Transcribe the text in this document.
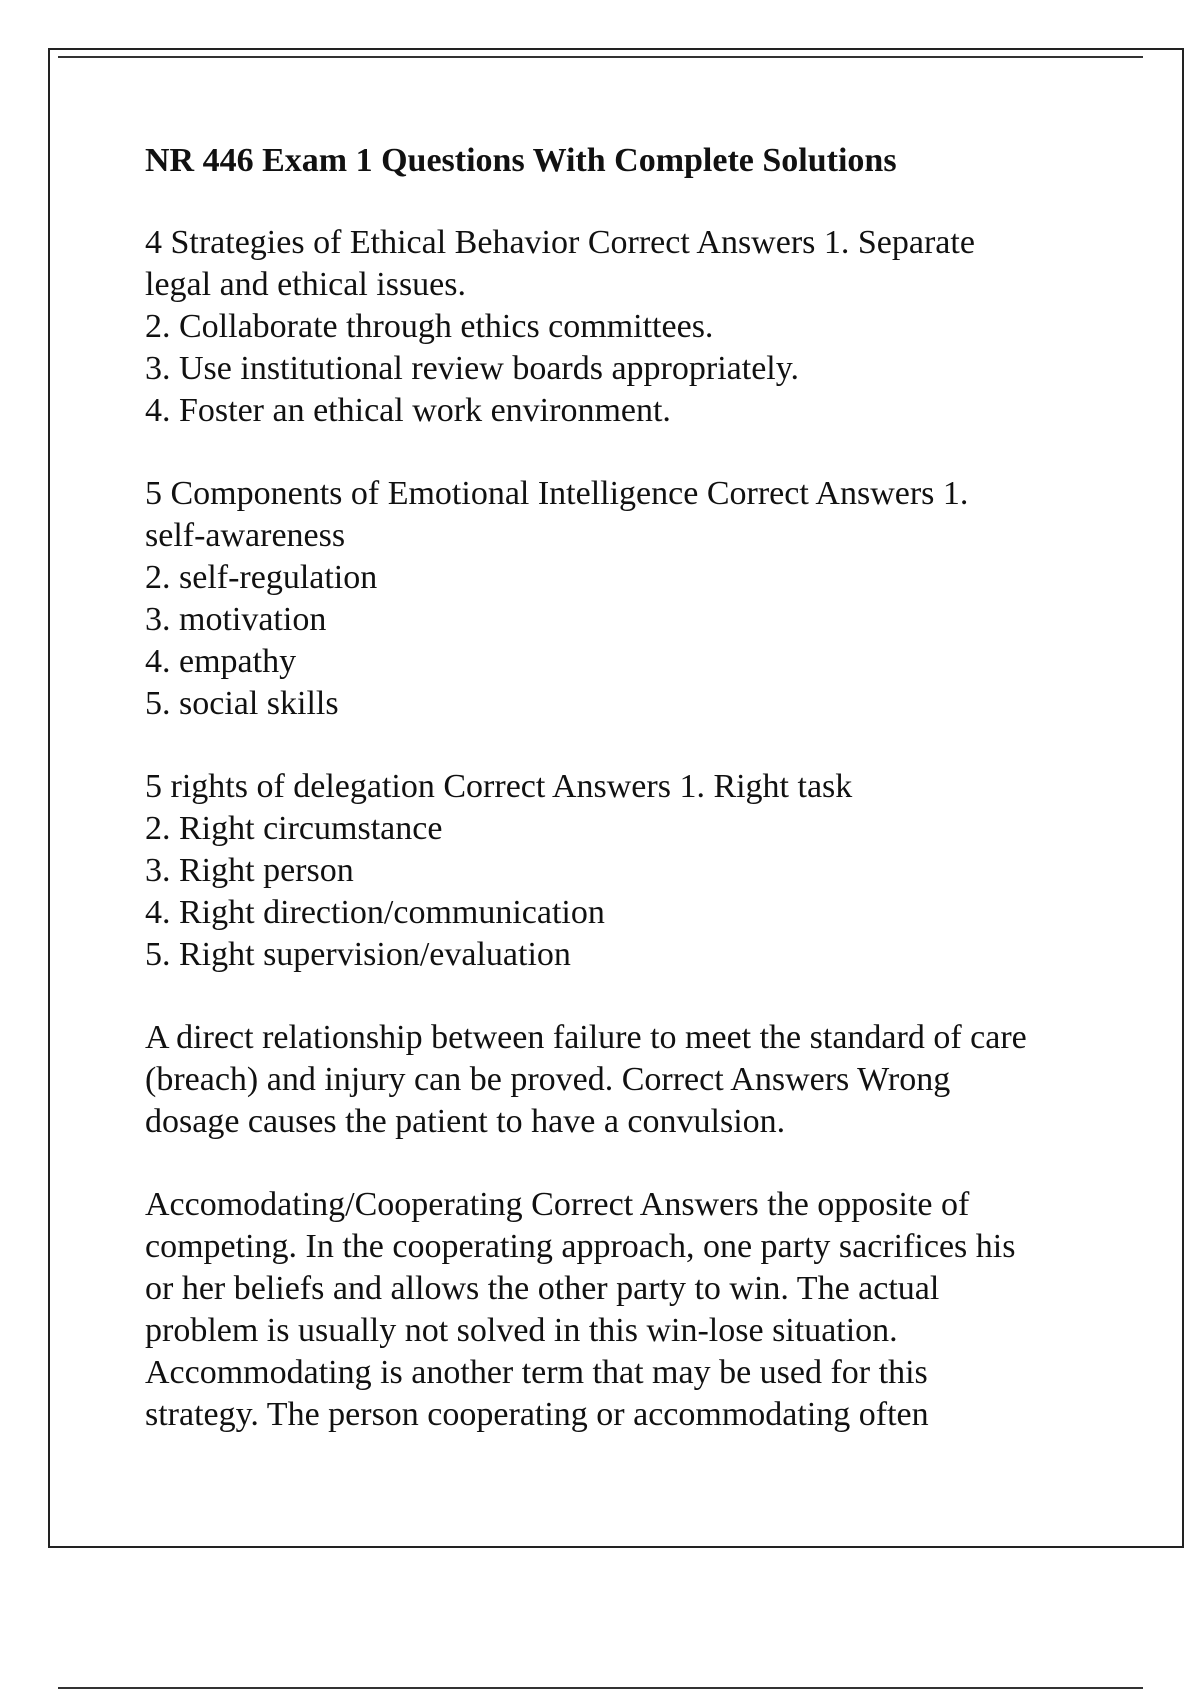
NR 446 Exam 1 Questions With Complete Solutions
4 Strategies of Ethical Behavior Correct Answers 1. Separate
legal and ethical issues.
2. Collaborate through ethics committees.
3. Use institutional review boards appropriately.
4. Foster an ethical work environment.
5 Components of Emotional Intelligence Correct Answers 1.
self-awareness
2. self-regulation
3. motivation
4. empathy
5. social skills
5 rights of delegation Correct Answers 1. Right task
2. Right circumstance
3. Right person
4. Right direction/communication
5. Right supervision/evaluation
A direct relationship between failure to meet the standard of care
(breach) and injury can be proved. Correct Answers Wrong
dosage causes the patient to have a convulsion.
Accomodating/Cooperating Correct Answers the opposite of
competing. In the cooperating approach, one party sacrifices his
or her beliefs and allows the other party to win. The actual
problem is usually not solved in this win-lose situation.
Accommodating is another term that may be used for this
strategy. The person cooperating or accommodating often
